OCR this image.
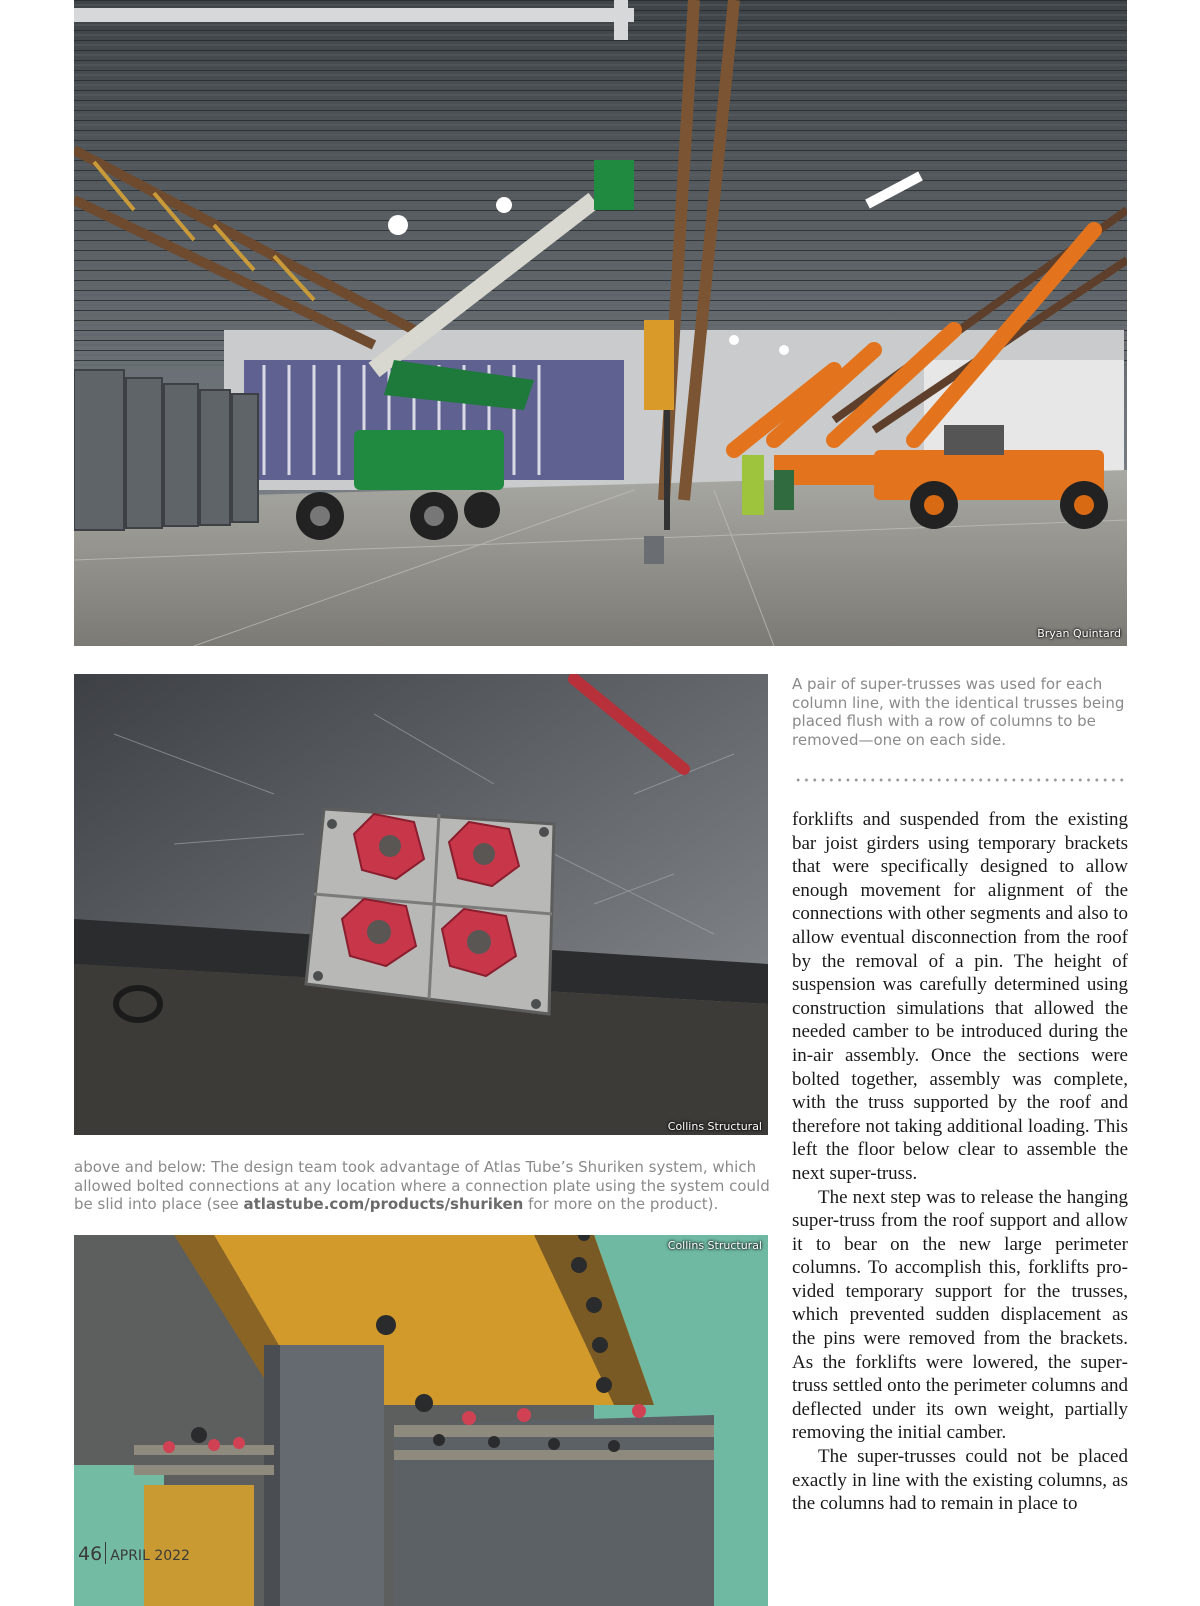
Bryan Quintard
Collins Structural
A pair of super-trusses was used for each column line, with the identical trusses being placed flush with a row of columns to be removed—one on each side.
above and below: The design team took advantage of Atlas Tube’s Shuriken system, which allowed bolted connections at any location where a connection plate using the system could be slid into place (see atlastube.com/products/shuriken for more on the product).
Collins Structural

forklifts and suspended from the existing bar joist girders using temporary brackets that were specifically designed to allow enough movement for alignment of the connections with other segments and also to allow eventual disconnection from the roof by the removal of a pin. The height of suspension was carefully determined using construction simulations that allowed the needed camber to be introduced during the in-air assembly. Once the sections were bolted together, assembly was complete, with the truss supported by the roof and therefore not taking additional loading. This left the floor below clear to assemble the next super-truss.

The next step was to release the hanging super-truss from the roof support and allow it to bear on the new large perimeter columns. To accomplish this, forklifts provided temporary support for the trusses, which prevented sudden displacement as the pins were removed from the brackets. As the forklifts were lowered, the supertruss settled onto the perimeter columns and deflected under its own weight, partially removing the initial camber.

The super-trusses could not be placed exactly in line with the existing columns, as the columns had to remain in place to

46 APRIL 2022
